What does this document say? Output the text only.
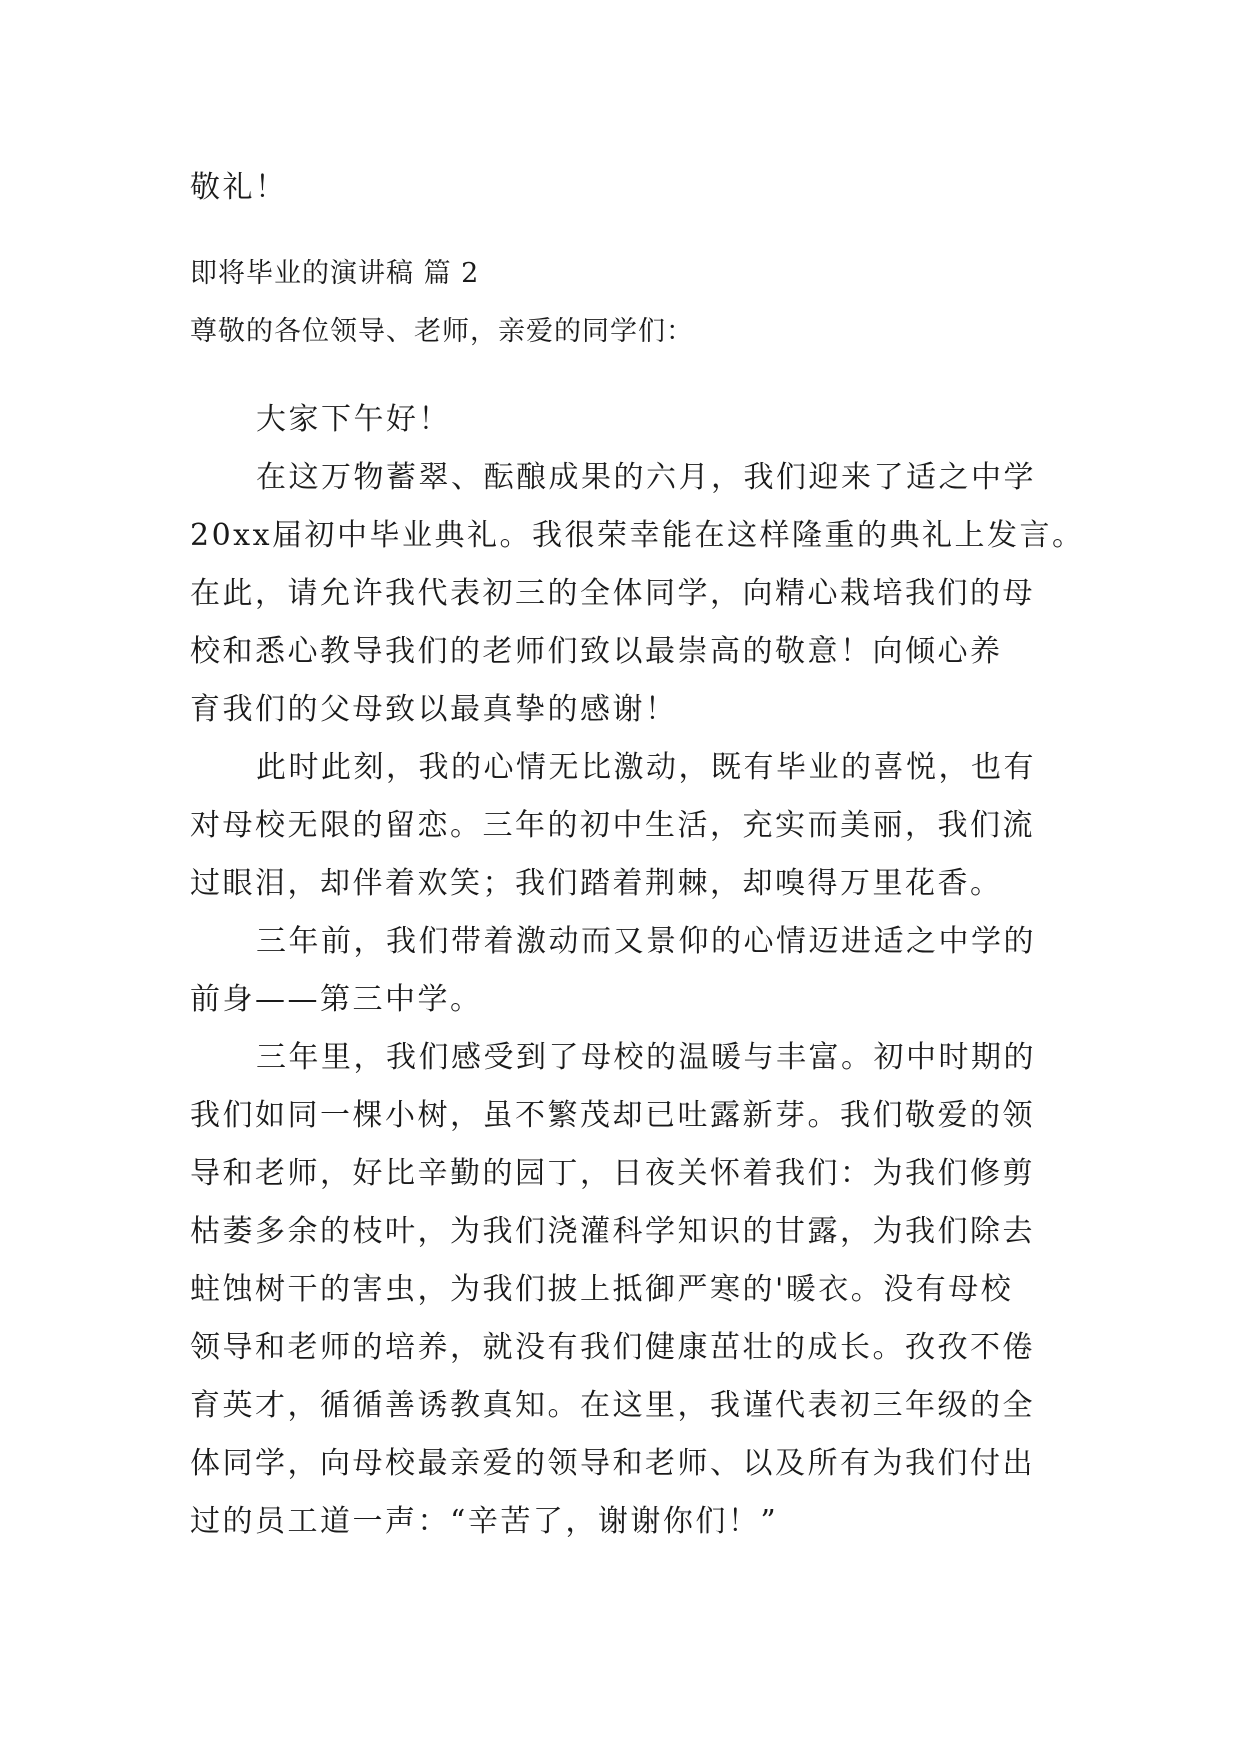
敬礼！
即将毕业的演讲稿 篇 2
尊敬的各位领导、老师，亲爱的同学们：
大家下午好！
在这万物蓄翠、酝酿成果的六月，我们迎来了适之中学
20xx届初中毕业典礼。我很荣幸能在这样隆重的典礼上发言。
在此，请允许我代表初三的全体同学，向精心栽培我们的母
校和悉心教导我们的老师们致以最崇高的敬意！向倾心养
育我们的父母致以最真挚的感谢！
此时此刻，我的心情无比激动，既有毕业的喜悦，也有
对母校无限的留恋。三年的初中生活，充实而美丽，我们流
过眼泪，却伴着欢笑；我们踏着荆棘，却嗅得万里花香。
三年前，我们带着激动而又景仰的心情迈进适之中学的
前身——第三中学。
三年里，我们感受到了母校的温暖与丰富。初中时期的
我们如同一棵小树，虽不繁茂却已吐露新芽。我们敬爱的领
导和老师，好比辛勤的园丁，日夜关怀着我们：为我们修剪
枯萎多余的枝叶，为我们浇灌科学知识的甘露，为我们除去
蛀蚀树干的害虫，为我们披上抵御严寒的'暖衣。没有母校
领导和老师的培养，就没有我们健康茁壮的成长。孜孜不倦
育英才，循循善诱教真知。在这里，我谨代表初三年级的全
体同学，向母校最亲爱的领导和老师、以及所有为我们付出
过的员工道一声：“辛苦了，谢谢你们！”
